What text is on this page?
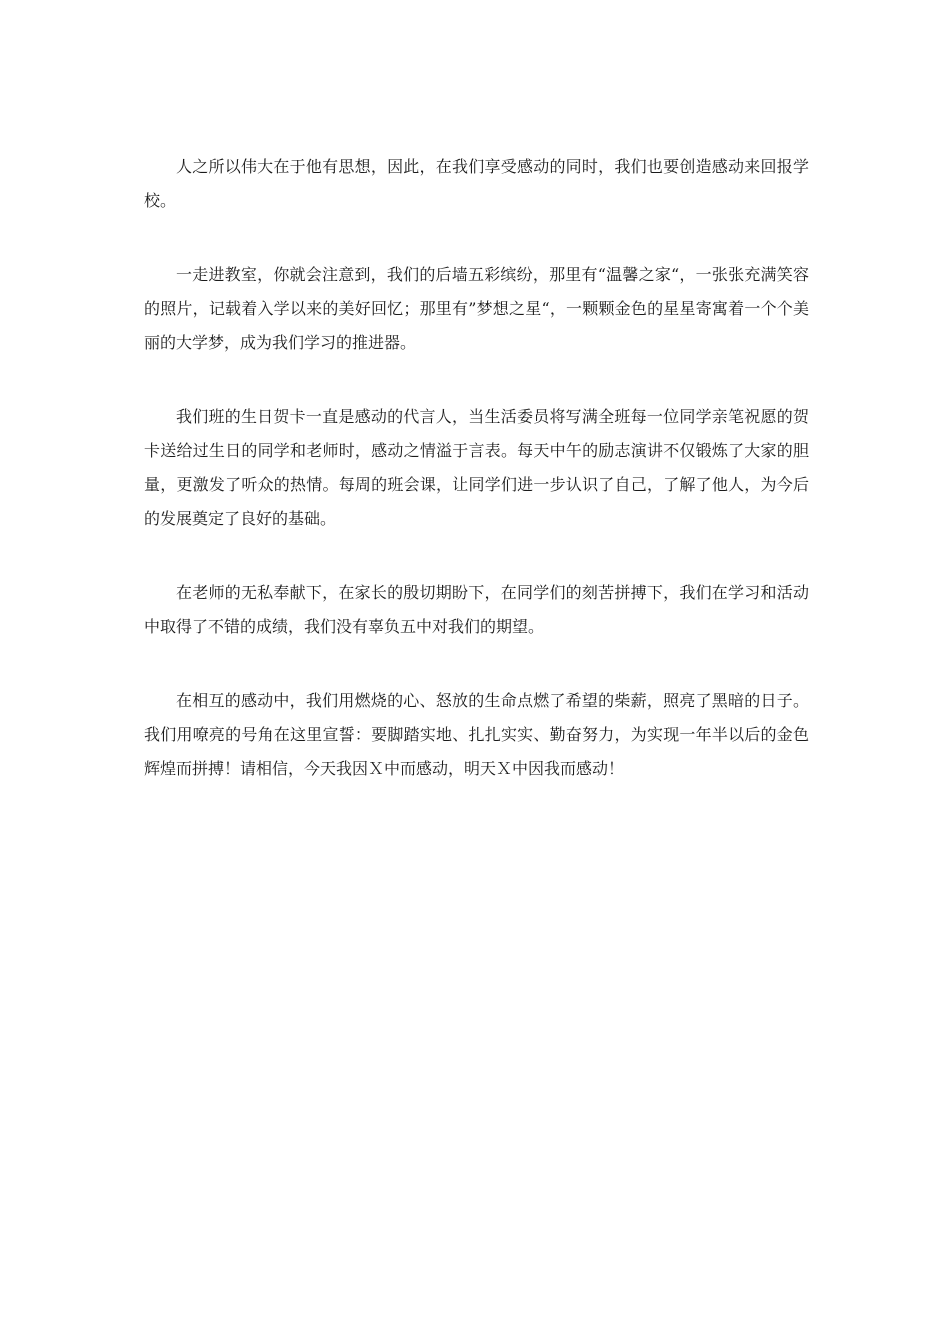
人之所以伟大在于他有思想，因此，在我们享受感动的同时，我们也要创造感动来回报学校。

一走进教室，你就会注意到，我们的后墙五彩缤纷，那里有“温馨之家“，一张张充满笑容的照片，记载着入学以来的美好回忆；那里有”梦想之星“，一颗颗金色的星星寄寓着一个个美丽的大学梦，成为我们学习的推进器。

我们班的生日贺卡一直是感动的代言人，当生活委员将写满全班每一位同学亲笔祝愿的贺卡送给过生日的同学和老师时，感动之情溢于言表。每天中午的励志演讲不仅锻炼了大家的胆量，更激发了听众的热情。每周的班会课，让同学们进一步认识了自己，了解了他人，为今后的发展奠定了良好的基础。

在老师的无私奉献下，在家长的殷切期盼下，在同学们的刻苦拼搏下，我们在学习和活动中取得了不错的成绩，我们没有辜负五中对我们的期望。

在相互的感动中，我们用燃烧的心、怒放的生命点燃了希望的柴薪，照亮了黑暗的日子。我们用嘹亮的号角在这里宣誓：要脚踏实地、扎扎实实、勤奋努力，为实现一年半以后的金色辉煌而拼搏！请相信，今天我因Ｘ中而感动，明天Ｘ中因我而感动！
